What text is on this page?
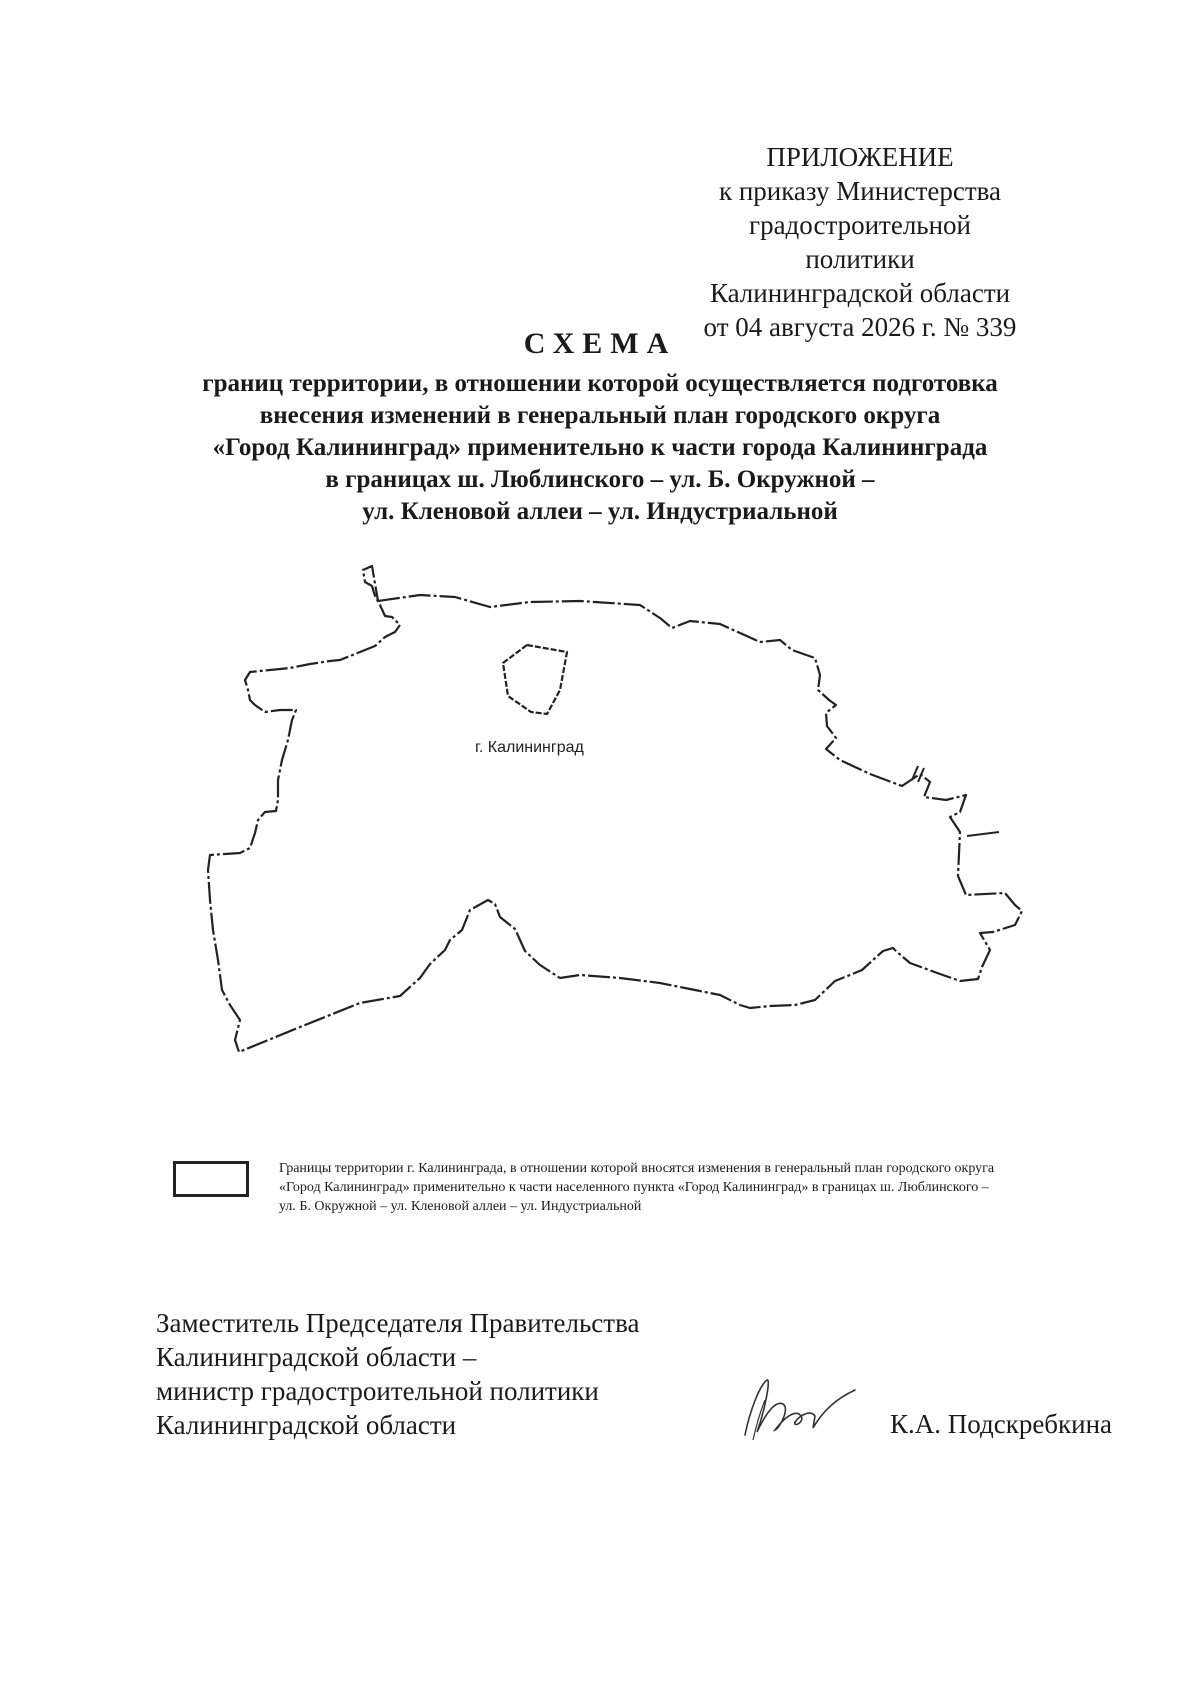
ПРИЛОЖЕНИЕ
к приказу Министерства
градостроительной политики
Калининградской области
от 04 августа 2026 г. № 339
СХЕМА
границ территории, в отношении которой осуществляется подготовка
внесения изменений в генеральный план городского округа
«Город Калининград» применительно к части города Калининграда
в границах ш. Люблинского – ул. Б. Окружной –
ул. Кленовой аллеи – ул. Индустриальной
г. Калининград
Границы территории г. Калининграда, в отношении которой вносятся изменения в генеральный план городского округа
«Город Калининград» применительно к части населенного пункта «Город Калининград» в границах ш. Люблинского –
ул. Б. Окружной – ул. Кленовой аллеи – ул. Индустриальной
Заместитель Председателя Правительства
Калининградской области –
министр градостроительной политики
Калининградской области	К.А. Подскребкина
